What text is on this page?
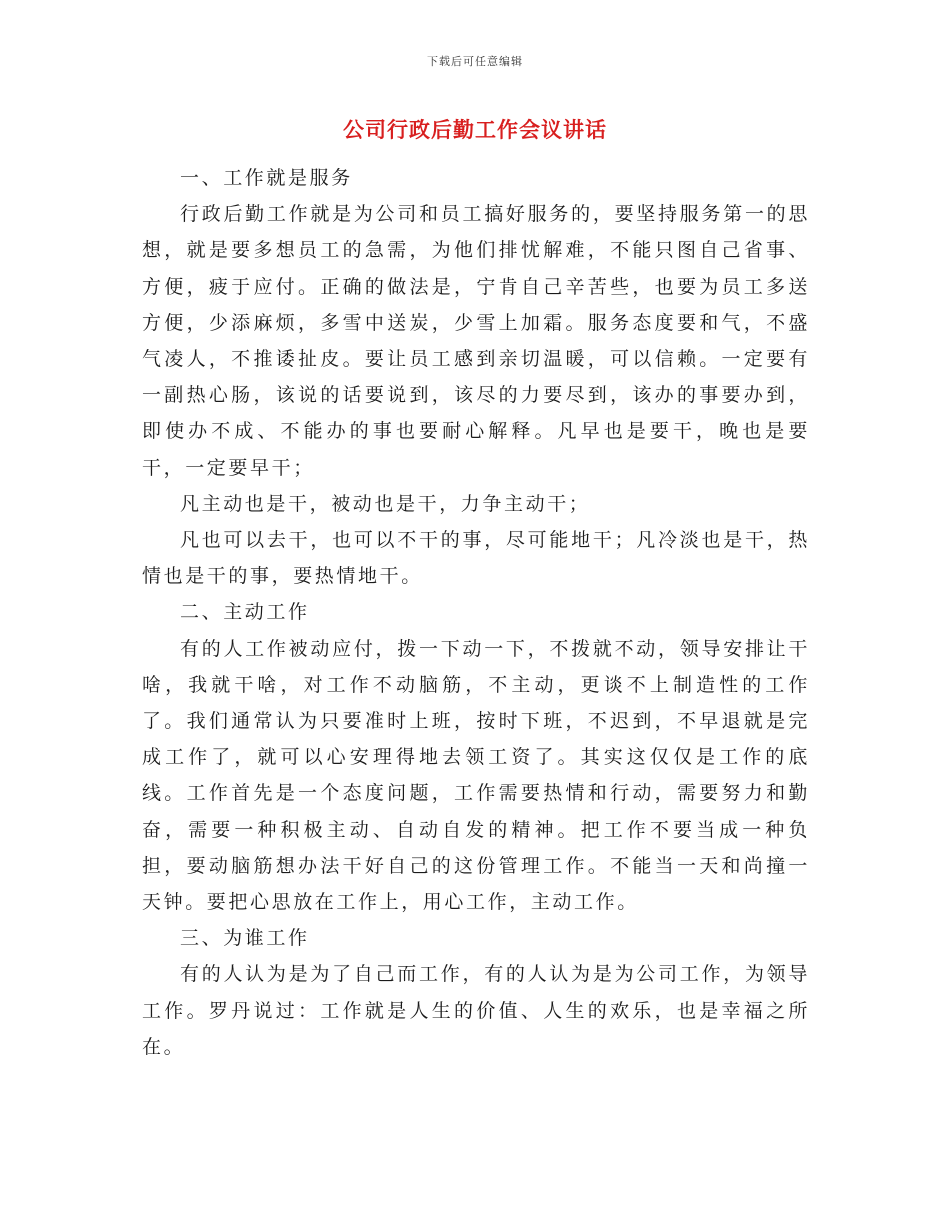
下载后可任意编辑
公司行政后勤工作会议讲话

一、工作就是服务

行政后勤工作就是为公司和员工搞好服务的，要坚持服务第一的思想，就是要多想员工的急需，为他们排忧解难，不能只图自己省事、方便，疲于应付。正确的做法是，宁肯自己辛苦些，也要为员工多送方便，少添麻烦，多雪中送炭，少雪上加霜。服务态度要和气，不盛气凌人，不推诿扯皮。要让员工感到亲切温暖，可以信赖。一定要有一副热心肠，该说的话要说到，该尽的力要尽到，该办的事要办到，即使办不成、不能办的事也要耐心解释。凡早也是要干，晚也是要干，一定要早干；

凡主动也是干，被动也是干，力争主动干；

凡也可以去干，也可以不干的事，尽可能地干；凡冷淡也是干，热情也是干的事，要热情地干。

二、主动工作

有的人工作被动应付，拨一下动一下，不拨就不动，领导安排让干啥，我就干啥，对工作不动脑筋，不主动，更谈不上制造性的工作了。我们通常认为只要准时上班，按时下班，不迟到，不早退就是完成工作了，就可以心安理得地去领工资了。其实这仅仅是工作的底线。工作首先是一个态度问题，工作需要热情和行动，需要努力和勤奋，需要一种积极主动、自动自发的精神。把工作不要当成一种负担，要动脑筋想办法干好自己的这份管理工作。不能当一天和尚撞一天钟。要把心思放在工作上，用心工作，主动工作。

三、为谁工作

有的人认为是为了自己而工作，有的人认为是为公司工作，为领导工作。罗丹说过：工作就是人生的价值、人生的欢乐，也是幸福之所在。
